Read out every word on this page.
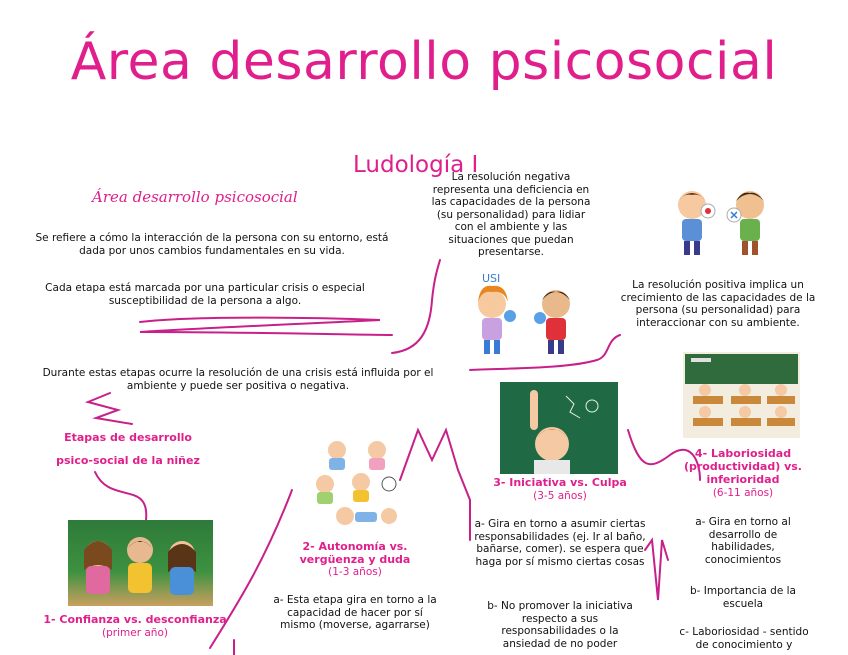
Área desarrollo psicosocial
Ludología I
Área desarrollo psicosocial
Se refiere a cómo la interacción de la persona con su entorno, está dada por unos cambios fundamentales en su vida.
Cada etapa está marcada por una particular crisis o especial susceptibilidad de la persona a algo.
Durante estas etapas ocurre la resolución de una crisis está influida por el ambiente y puede ser positiva o negativa.
La resolución negativa representa una deficiencia en las capacidades de la persona (su personalidad) para lidiar con el ambiente y las situaciones que puedan presentarse.
La resolución positiva implica un crecimiento de las capacidades de la persona (su personalidad) para interaccionar con su ambiente.
USI
Etapas de desarrollo
psico-social de la niñez
1- Confianza vs. desconfianza
(primer año)
2- Autonomía vs.
vergüenza y duda
(1-3 años)
a- Esta etapa gira en torno a la capacidad de hacer por sí mismo (moverse, agarrarse)
3- Iniciativa vs. Culpa
(3-5 años)
a- Gira en torno a asumir ciertas responsabilidades (ej. Ir al baño, bañarse, comer). se espera que haga por sí mismo ciertas cosas
b- No promover la iniciativa respecto a sus responsabilidades o la ansiedad de no poder
4- Laboriosidad
(productividad) vs.
inferioridad
(6-11 años)
a- Gira en torno al desarrollo de habilidades, conocimientos
b- Importancia de la escuela
c- Laboriosidad - sentido de conocimiento y
